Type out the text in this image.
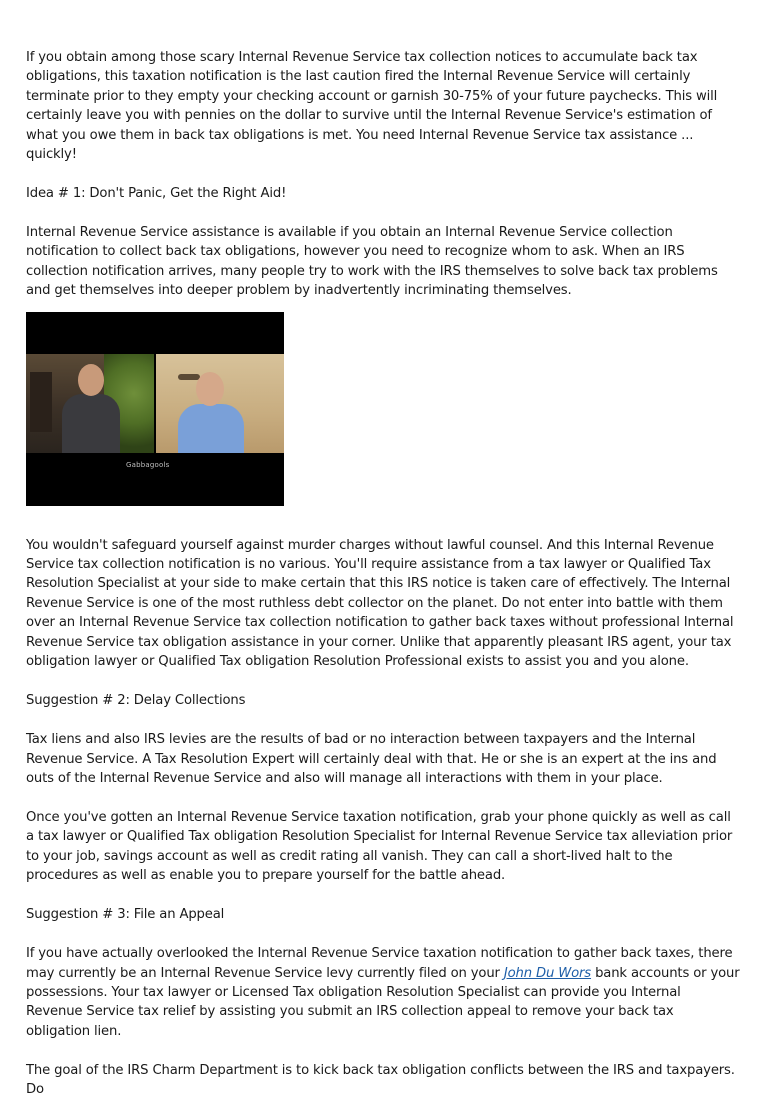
If you obtain among those scary Internal Revenue Service tax collection notices to accumulate back tax obligations, this taxation notification is the last caution fired the Internal Revenue Service will certainly terminate prior to they empty your checking account or garnish 30-75% of your future paychecks. This will certainly leave you with pennies on the dollar to survive until the Internal Revenue Service's estimation of what you owe them in back tax obligations is met. You need Internal Revenue Service tax assistance ... quickly!

Idea # 1: Don't Panic, Get the Right Aid!

Internal Revenue Service assistance is available if you obtain an Internal Revenue Service collection notification to collect back tax obligations, however you need to recognize whom to ask. When an IRS collection notification arrives, many people try to work with the IRS themselves to solve back tax problems and get themselves into deeper problem by inadvertently incriminating themselves.

Gabbagools

You wouldn't safeguard yourself against murder charges without lawful counsel. And this Internal Revenue Service tax collection notification is no various. You'll require assistance from a tax lawyer or Qualified Tax Resolution Specialist at your side to make certain that this IRS notice is taken care of effectively. The Internal Revenue Service is one of the most ruthless debt collector on the planet. Do not enter into battle with them over an Internal Revenue Service tax collection notification to gather back taxes without professional Internal Revenue Service tax obligation assistance in your corner. Unlike that apparently pleasant IRS agent, your tax obligation lawyer or Qualified Tax obligation Resolution Professional exists to assist you and you alone.

Suggestion # 2: Delay Collections

Tax liens and also IRS levies are the results of bad or no interaction between taxpayers and the Internal Revenue Service. A Tax Resolution Expert will certainly deal with that. He or she is an expert at the ins and outs of the Internal Revenue Service and also will manage all interactions with them in your place.

Once you've gotten an Internal Revenue Service taxation notification, grab your phone quickly as well as call a tax lawyer or Qualified Tax obligation Resolution Specialist for Internal Revenue Service tax alleviation prior to your job, savings account as well as credit rating all vanish. They can call a short-lived halt to the procedures as well as enable you to prepare yourself for the battle ahead.

Suggestion # 3: File an Appeal

If you have actually overlooked the Internal Revenue Service taxation notification to gather back taxes, there may currently be an Internal Revenue Service levy currently filed on your John Du Wors bank accounts or your possessions. Your tax lawyer or Licensed Tax obligation Resolution Specialist can provide you Internal Revenue Service tax relief by assisting you submit an IRS collection appeal to remove your back tax obligation lien.

The goal of the IRS Charm Department is to kick back tax obligation conflicts between the IRS and taxpayers. Do
